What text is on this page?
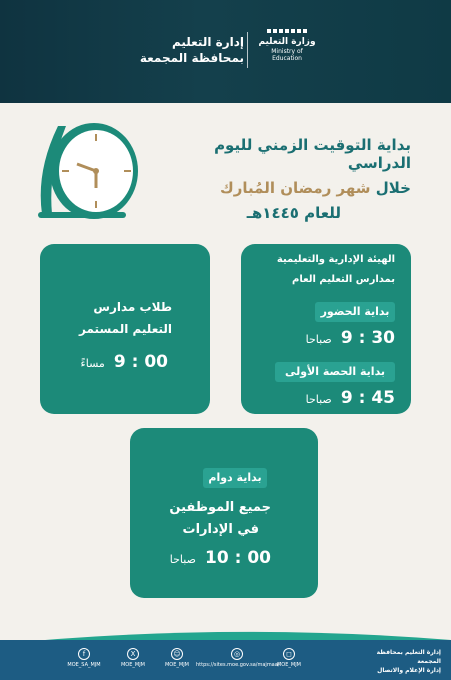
وزارة التعليم
Ministry of Education
إدارة التعليم
بمحافظة المجمعة
بداية التوقيت الزمني لليوم الدراسي
خلال شهر رمضان المُبارك
للعام ١٤٤٥هـ
الهيئة الإدارية والتعليمية
بمدارس التعليم العام
بداية الحضور
9 : 30 صباحا
بداية الحصة الأولى
9 : 45 صباحا
طلاب مدارس
التعليم المستمر
9 : 00 مساءً
بداية دوام
جميع الموظفين
في الإدارات
10 : 00 صباحا
إدارة التعليم بمحافظة المجمعة
إدارة الإعلام والاتصال
f
MOE_SA_MJM
X
MOE_MJM
☺
MOE_MJM
◎
https://sites.moe.gov.sa/majmaa/
◻
MOE_MJM
